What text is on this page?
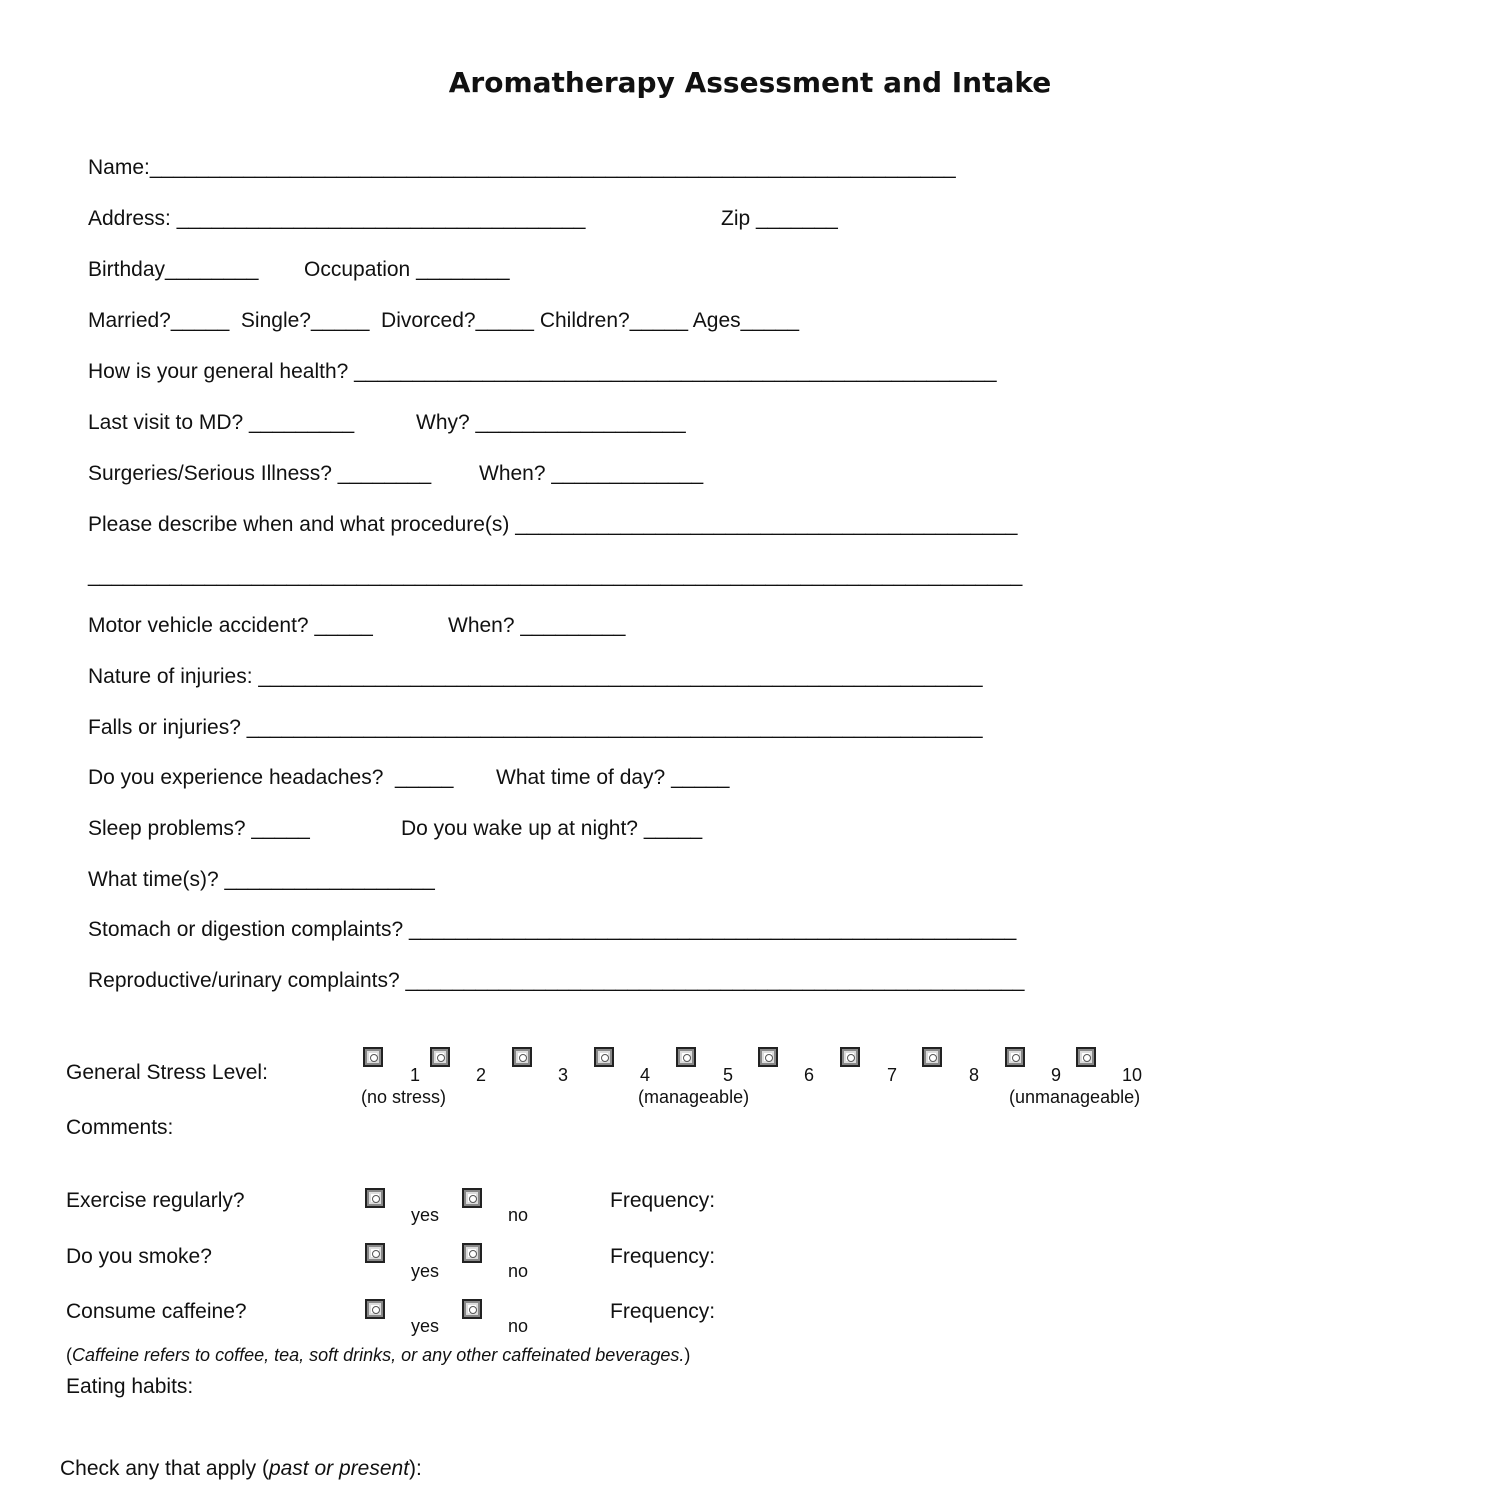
Aromatherapy Assessment and Intake
Name:_____________________________________________________________________
Address: ___________________________________	Zip _______
Birthday________ Occupation ________
Married?_____  Single?_____  Divorced?_____ Children?_____ Ages_____
How is your general health? _______________________________________________________
Last visit to MD? _________	Why? __________________
Surgeries/Serious Illness? ________ When? _____________
Please describe when and what procedure(s) ___________________________________________
________________________________________________________________________________
Motor vehicle accident? _____	When? _________
Nature of injuries: ______________________________________________________________
Falls or injuries? _______________________________________________________________
Do you experience headaches?  _____ What time of day? _____
Sleep problems? _____	Do you wake up at night? _____
What time(s)? __________________
Stomach or digestion complaints? ____________________________________________________
Reproductive/urinary complaints? _____________________________________________________
General Stress Level:	1	2	3	4	5	6	7	8	9	10
(no stress)	(manageable)	(unmanageable)
Comments:
Exercise regularly?
yes	no
Frequency:
Do you smoke?
yes	no
Frequency:
Consume caffeine?
yes	no
Frequency:
(Caffeine refers to coffee, tea, soft drinks, or any other caffeinated beverages.)
Eating habits:
Check any that apply (past or present):
